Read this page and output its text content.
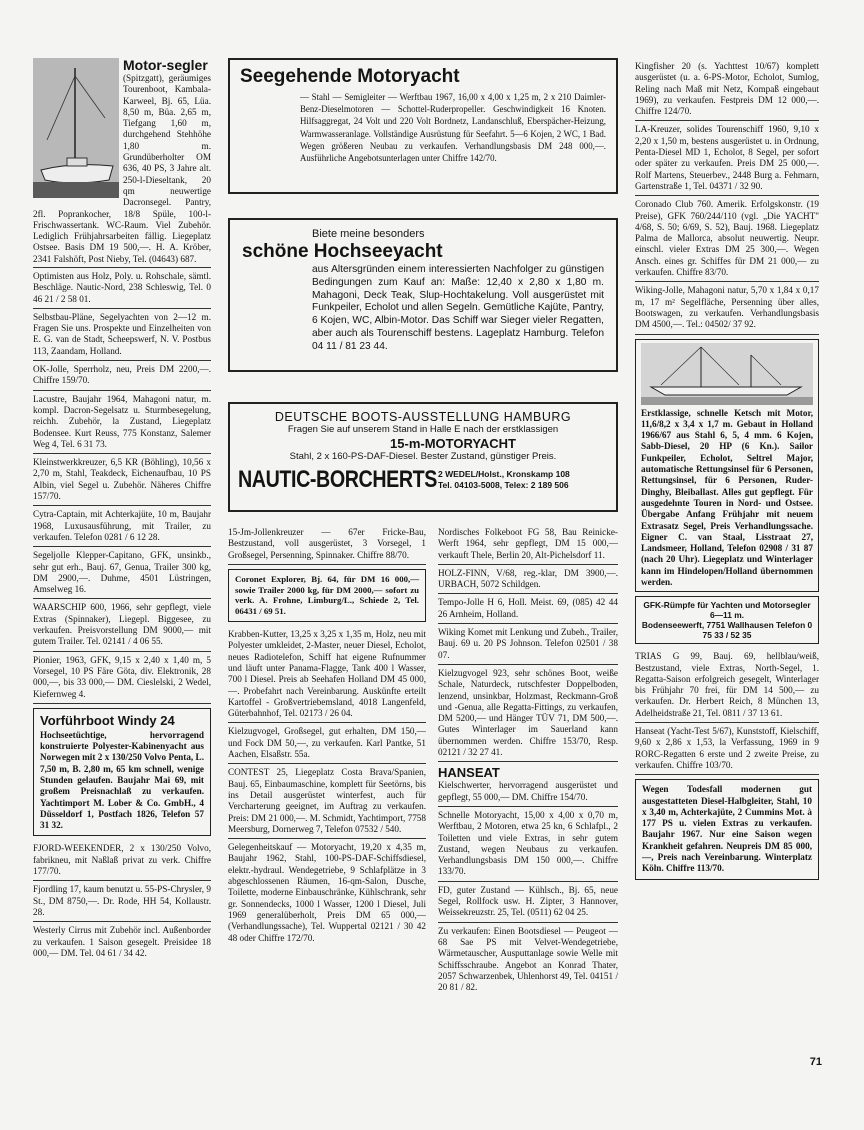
Motor-segler
(Spitzgatt), geräumiges Tourenboot, Kambala-Karweel, Bj. 65, Lüa. 8,50 m, Büa. 2,65 m, Tiefgang 1,60 m, durchgehend Stehhöhe 1,80 m. Grundüberholter OM 636, 40 PS, 3 Jahre alt. 250-l-Dieseltank, 20 qm neuwertige Dacronsegel. Pantry, 2fl. Poprankocher, 18/8 Spüle, 100-l-Frischwassertank. WC-Raum. Viel Zubehör. Lediglich Frühjahrsarbeiten fällig. Liegeplatz Ostsee. Basis DM 19 500,—. H. A. Kröber, 2341 Falshöft, Post Nieby, Tel. (04643) 687.
Optimisten aus Holz, Poly. u. Rohschale, sämtl. Beschläge. Nautic-Nord, 238 Schleswig, Tel. 0 46 21 / 2 58 01.
Selbstbau-Pläne, Segelyachten von 2—12 m. Fragen Sie uns. Prospekte und Einzelheiten von E. G. van de Stadt, Scheepswerf, N. V. Postbus 113, Zaandam, Holland.
OK-Jolle, Sperrholz, neu, Preis DM 2200,—. Chiffre 159/70.
Lacustre, Baujahr 1964, Mahagoni natur, m. kompl. Dacron-Segelsatz u. Sturmbesegelung, reichh. Zubehör, la Zustand, Liegeplatz Bodensee. Kurt Reuss, 775 Konstanz, Salemer Weg 4, Tel. 6 31 73.
Kleinstwerkkreuzer, 6,5 KR (Böhling), 10,56 x 2,70 m, Stahl, Teakdeck, Eichenaufbau, 10 PS Albin, viel Segel u. Zubehör. Näheres Chiffre 157/70.
Cytra-Captain, mit Achterkajüte, 10 m, Baujahr 1968, Luxusausführung, mit Trailer, zu verkaufen. Telefon 0281 / 6 12 28.
Segeljolle Klepper-Capitano, GFK, unsinkb., sehr gut erh., Bauj. 67, Genua, Trailer 300 kg, DM 2900,—. Duhme, 4501 Lüstringen, Amselweg 16.
WAARSCHIP 600, 1966, sehr gepflegt, viele Extras (Spinnaker), Liegepl. Biggesee, zu verkaufen. Preisvorstellung DM 9000,— mit gutem Trailer. Tel. 02141 / 4 06 55.
Pionier, 1963, GFK, 9,15 x 2,40 x 1,40 m, 5 Vorsegel, 10 PS Färe Göta, div. Elektronik, 28 000,—, bis 33 000,— DM. Cieslelski, 2 Wedel, Kiefernweg 4.
Vorführboot Windy 24
Hochseetüchtige, hervorragend konstruierte Polyester-Kabinenyacht aus Norwegen mit 2 x 130/250 Volvo Penta, L. 7,50 m, B. 2,80 m, 65 km schnell, wenige Stunden gelaufen. Baujahr Mai 69, mit großem Preisnachlaß zu verkaufen. Yachtimport M. Lober & Co. GmbH., 4 Düsseldorf 1, Postfach 1826, Telefon 57 31 32.
FJORD-WEEKENDER, 2 x 130/250 Volvo, fabrikneu, mit Naßlaß privat zu verk. Chiffre 177/70.
Fjordling 17, kaum benutzt u. 55-PS-Chrysler, 9 St., DM 8750,—. Dr. Rode, HH 54, Kollaustr. 28.
Westerly Cirrus mit Zubehör incl. Außenborder zu verkaufen. 1 Saison gesegelt. Preisidee 18 000,— DM. Tel. 04 61 / 34 42.
Seegehende Motoryacht
— Stahl — Semigleiter — Werftbau 1967, 16,00 x 4,00 x 1,25 m, 2 x 210 Daimler-Benz-Dieselmotoren — Schottel-Ruderpropeller. Geschwindigkeit 16 Knoten. Hilfsaggregat, 24 Volt und 220 Volt Bordnetz, Landanschluß, Eberspächer-Heizung, Warmwasseranlage. Vollständige Ausrüstung für Seefahrt. 5—6 Kojen, 2 WC, 1 Bad. Wegen größeren Neubau zu verkaufen. Verhandlungsbasis DM 248 000,—. Ausführliche Angebotsunterlagen unter Chiffre 142/70.
Biete meine besonders
schöne Hochseeyacht
aus Altersgründen einem interessierten Nachfolger zu günstigen Bedingungen zum Kauf an: Maße: 12,40 x 2,80 x 1,80 m. Mahagoni, Deck Teak, Slup-Hochtakelung. Voll ausgerüstet mit Funkpeiler, Echolot und allen Segeln. Gemütliche Kajüte, Pantry, 6 Kojen, WC, Albin-Motor. Das Schiff war Sieger vieler Regatten, aber auch als Tourenschiff bestens. Lageplatz Hamburg. Telefon 04 11 / 81 23 44.
DEUTSCHE BOOTS-AUSSTELLUNG HAMBURG
Fragen Sie auf unserem Stand in Halle E nach der erstklassigen
15-m-MOTORYACHT
Stahl, 2 x 160-PS-DAF-Diesel. Bester Zustand, günstiger Preis.
NAUTIC-BORCHERTS 2 WEDEL/Holst., Kronskamp 108
Tel. 04103-5008, Telex: 2 189 506
15-Jm-Jollenkreuzer — 67er Fricke-Bau, Bestzustand, voll ausgerüstet, 3 Vorsegel, 1 Großsegel, Persenning, Spinnaker. Chiffre 88/70.
Coronet Explorer, Bj. 64, für DM 16 000,— sowie Trailer 2000 kg, für DM 2000,— sofort zu verk. A. Frohne, Limburg/L., Schiede 2, Tel. 06431 / 69 51.
Krabben-Kutter, 13,25 x 3,25 x 1,35 m, Holz, neu mit Polyester umkleidet, 2-Master, neuer Diesel, Echolot, neues Radiotelefon, Schiff hat eigene Rufnummer und läuft unter Panama-Flagge, Tank 400 l Wasser, 700 l Diesel. Preis ab Seehafen Holland DM 45 000,—. Probefahrt nach Vereinbarung. Auskünfte erteilt Kartoffel - Großvertriebemsland, 4018 Langenfeld, Güterbahnhof, Tel. 02173 / 26 04.
Kielzugvogel, Großsegel, gut erhalten, DM 150,— und Fock DM 50,—, zu verkaufen. Karl Pantke, 51 Aachen, Elsaßstr. 55a.
CONTEST 25, Liegeplatz Costa Brava/Spanien, Bauj. 65, Einbaumaschine, komplett für Seetörns, bis ins Detail ausgerüstet winterfest, auch für Vercharterung geeignet, im Auftrag zu verkaufen. Preis: DM 21 000,—. M. Schmidt, Yachtimport, 7758 Meersburg, Dornerweg 7, Telefon 07532 / 540.
Gelegenheitskauf — Motoryacht, 19,20 x 4,35 m, Baujahr 1962, Stahl, 100-PS-DAF-Schiffsdiesel, elektr.-hydraul. Wendegetriebe, 9 Schlafplätze in 3 abgeschlossenen Räumen, 16-qm-Salon, Dusche, Toilette, moderne Einbauschränke, Kühlschrank, sehr gr. Sonnendecks, 1000 l Wasser, 1200 l Diesel, Juli 1969 generalüberholt, Preis DM 65 000,— (Verhandlungssache), Tel. Wuppertal 02121 / 30 42 48 oder Chiffre 172/70.
Nordisches Folkeboot FG 58, Bau Reinicke-Werft 1964, sehr gepflegt, DM 15 000,— verkauft Thele, Berlin 20, Alt-Pichelsdorf 11.
HOLZ-FINN, V/68, reg.-klar, DM 3900,—. URBACH, 5072 Schildgen.
Tempo-Jolle H 6, Holl. Meist. 69, (085) 42 44 26 Arnheim, Holland.
Wiking Komet mit Lenkung und Zubeh., Trailer, Bauj. 69 u. 20 PS Johnson. Telefon 02501 / 38 07.
Kielzugvogel 923, sehr schönes Boot, weiße Schale, Naturdeck, rutschfester Doppelboden, lenzend, unsinkbar, Holzmast, Reckmann-Groß und -Genua, alle Regatta-Fittings, zu verkaufen, DM 5200,— und Hänger TÜV 71, DM 500,—. Gutes Winterlager im Sauerland kann übernommen werden. Chiffre 153/70, Resp. 02121 / 32 27 41.
HANSEAT
Kielschwerter, hervorragend ausgerüstet und gepflegt, 55 000,— DM. Chiffre 154/70.
Schnelle Motoryacht, 15,00 x 4,00 x 0,70 m, Werftbau, 2 Motoren, etwa 25 kn, 6 Schlafpl., 2 Toiletten und viele Extras, in sehr gutem Zustand, wegen Neubaus zu verkaufen. Verhandlungsbasis DM 150 000,—. Chiffre 133/70.
FD, guter Zustand — Kühlsch., Bj. 65, neue Segel, Rollfock usw. H. Zipter, 3 Hannover, Weissekreuzstr. 25, Tel. (0511) 62 04 25.
Zu verkaufen: Einen Bootsdiesel — Peugeot — 68 Sae PS mit Velvet-Wendegetriebe, Wärmetauscher, Ausputtanlage sowie Welle mit Schiffsschraube. Angebot an Konrad Thater, 2057 Schwarzenbek, Uhlenhorst 49, Tel. 04151 / 20 81 / 82.
Kingfisher 20 (s. Yachttest 10/67) komplett ausgerüstet (u. a. 6-PS-Motor, Echolot, Sumlog, Reling nach Maß mit Netz, Kompaß eingebaut 1969), zu verkaufen. Festpreis DM 12 000,—. Chiffre 124/70.
LA-Kreuzer, solides Tourenschiff 1960, 9,10 x 2,20 x 1,50 m, bestens ausgerüstet u. in Ordnung, Penta-Diesel MD 1, Echolot, 8 Segel, per sofort oder später zu verkaufen. Preis DM 25 000,—. Rolf Martens, Steuerbev., 2448 Burg a. Fehmarn, Gartenstraße 1, Tel. 04371 / 32 90.
Coronado Club 760. Amerik. Erfolgskonstr. (19 Preise), GFK 760/244/110 (vgl. „Die YACHT" 4/68, S. 50; 6/69, S. 52), Bauj. 1968. Liegeplatz Palma de Mallorca, absolut neuwertig. Neupr. einschl. vieler Extras DM 25 300,—. Wegen Ansch. eines gr. Schiffes für DM 21 000,— zu verkaufen. Chiffre 83/70.
Wiking-Jolle, Mahagoni natur, 5,70 x 1,84 x 0,17 m, 17 m² Segelfläche, Persenning über alles, Bootswagen, zu verkaufen. Verhandlungsbasis DM 4500,—. Tel.: 04502/ 37 92.
Erstklassige, schnelle Ketsch mit Motor, 11,6/8,2 x 3,4 x 1,7 m. Gebaut in Holland 1966/67 aus Stahl 6, 5, 4 mm. 6 Kojen, Sabb-Diesel, 20 HP (6 Kn.). Sailor Funkpeiler, Echolot, Seltrel Major, automatische Rettungsinsel für 6 Personen, Rettungsinsel, für 6 Personen, Ruder-Dinghy, Bleiballast. Alles gut gepflegt. Für ausgedehnte Touren in Nord- und Ostsee. Übergabe Anfang Frühjahr mit neuem Extrasatz Segel, Preis Verhandlungssache. Eigner C. van Staal, Lisstraat 27, Landsmeer, Holland, Telefon 02908 / 31 87 (nach 20 Uhr). Liegeplatz und Winterlager kann im Hindelopen/Holland übernommen werden.
GFK-Rümpfe für Yachten und Motorsegler 6—11 m.
Bodenseewerft, 7751 Wallhausen Telefon 0 75 33 / 52 35
TRIAS G 99, Bauj. 69, hellblau/weiß, Bestzustand, viele Extras, North-Segel, 1. Regatta-Saison erfolgreich gesegelt, Winterlager bis Frühjahr 70 frei, für DM 14 500,— zu verkaufen. Dr. Herbert Reich, 8 München 13, Adelheidstraße 21, Tel. 0811 / 37 13 61.
Hanseat (Yacht-Test 5/67), Kunststoff, Kielschiff, 9,60 x 2,86 x 1,53, la Verfassung, 1969 in 9 RORC-Regatten 6 erste und 2 zweite Preise, zu verkaufen. Chiffre 103/70.
Wegen Todesfall modernen gut ausgestatteten Diesel-Halbgleiter, Stahl, 10 x 3,40 m, Achterkajüte, 2 Cummins Mot. à 177 PS u. vielen Extras zu verkaufen. Baujahr 1967. Nur eine Saison wegen Krankheit gefahren. Neupreis DM 85 000,—, Preis nach Vereinbarung. Winterplatz Köln. Chiffre 113/70.
71
